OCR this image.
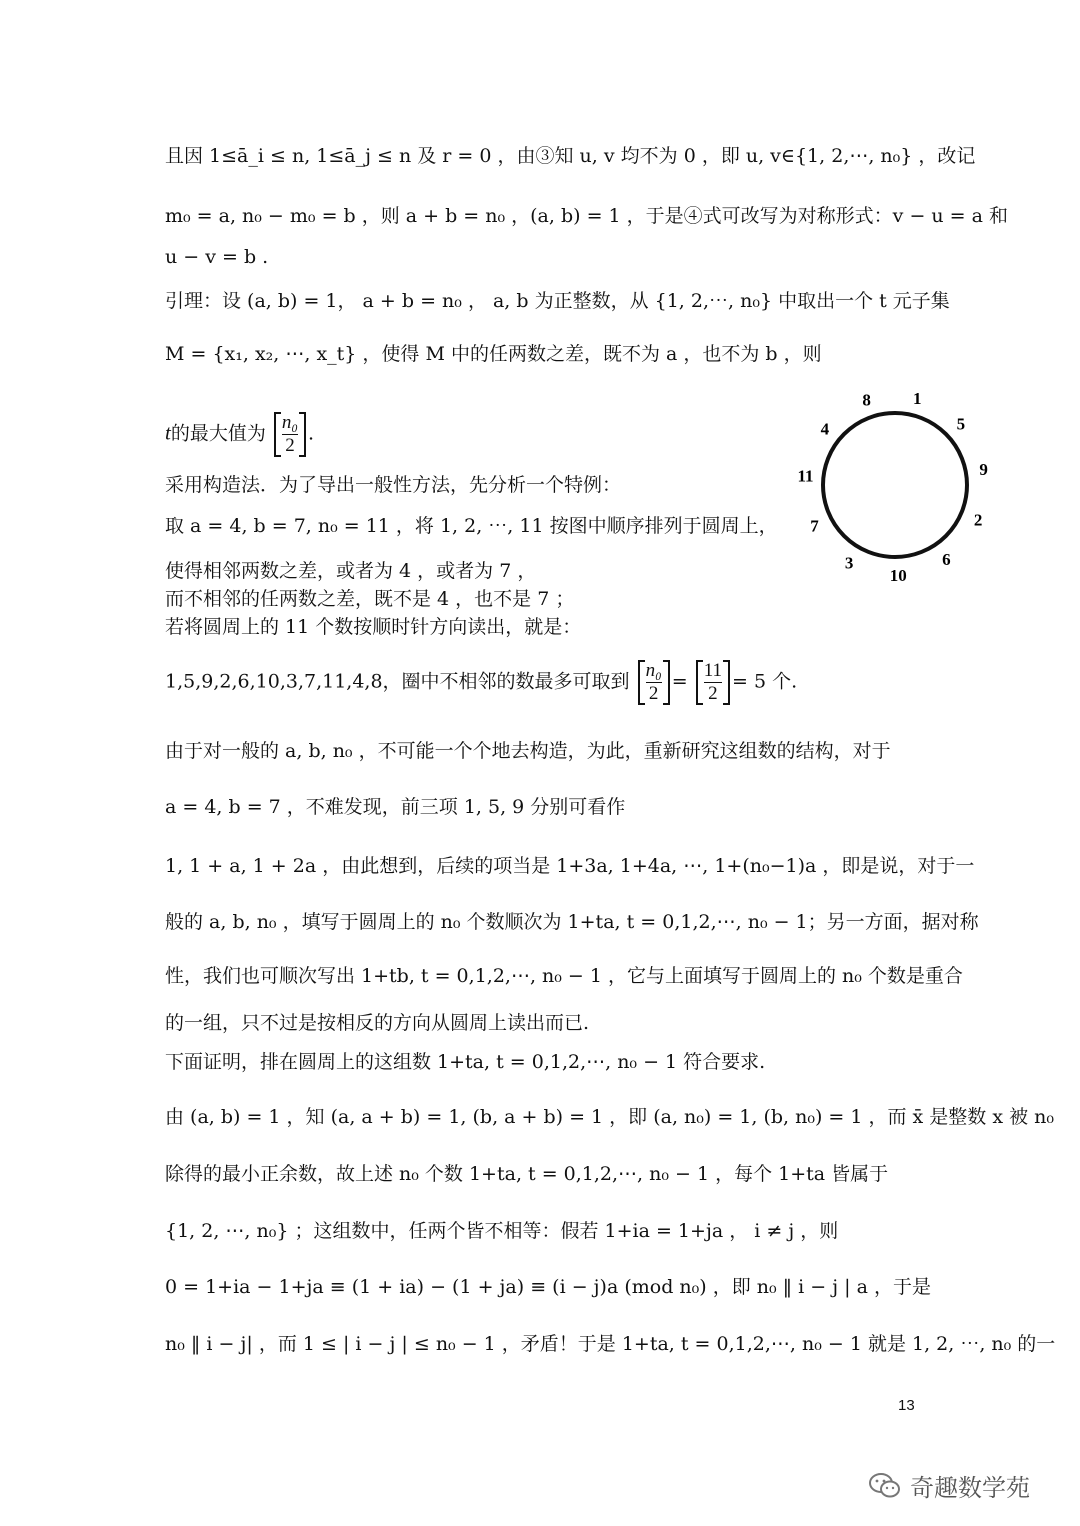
且因 1≤ā_i ≤ n, 1≤ā_j ≤ n 及 r = 0 ，由③知 u, v 均不为 0 ，即 u, v∈{1, 2,⋯, n₀} ，改记
m₀ = a, n₀ − m₀ = b ，则 a + b = n₀ ，(a, b) = 1 ，于是④式可改写为对称形式：v − u = a 和
u − v = b .
引理：设 (a, b) = 1， a + b = n₀ ， a, b 为正整数，从 {1, 2,⋯, n₀} 中取出一个 t 元子集
M = {x₁, x₂, ⋯, x_t} ，使得 M 中的任两数之差，既不为 a ，也不为 b ，则
t的最大值为 $\frac{\text{n₀}}{2}$ .
采用构造法．为了导出一般性方法，先分析一个特例：
取 a = 4, b = 7, n₀ = 11 ，将 1, 2, ⋯, 11 按图中顺序排列于圆周上，
使得相邻两数之差，或者为 4 ，或者为 7 ，
而不相邻的任两数之差，既不是 4 ，也不是 7 ；
若将圆周上的 11 个数按顺时针方向读出，就是：
1,5,9,2,6,10,3,7,11,4,8，圈中不相邻的数最多可取到 $\frac{\text{n₀}}{2} = \frac{11}{2} = 5$ 个.
由于对一般的 a, b, n₀ ，不可能一个个地去构造，为此，重新研究这组数的结构，对于
a = 4, b = 7 ，不难发现，前三项 1, 5, 9 分别可看作
1, 1 + a, 1 + 2a ，由此想到，后续的项当是 1+3a, 1+4a, ⋯, 1+(n₀−1)a ，即是说，对于一
般的 a, b, n₀ ，填写于圆周上的 n₀ 个数顺次为 1+ta, t = 0,1,2,⋯, n₀ − 1；另一方面，据对称
性，我们也可顺次写出 1+tb, t = 0,1,2,⋯, n₀ − 1 ，它与上面填写于圆周上的 n₀ 个数是重合
的一组，只不过是按相反的方向从圆周上读出而已.
下面证明，排在圆周上的这组数 1+ta, t = 0,1,2,⋯, n₀ − 1 符合要求.
由 (a, b) = 1 ，知 (a, a + b) = 1, (b, a + b) = 1 ，即 (a, n₀) = 1, (b, n₀) = 1 ，而 x̄ 是整数 x 被 n₀
除得的最小正余数，故上述 n₀ 个数 1+ta, t = 0,1,2,⋯, n₀ − 1 ，每个 1+ta 皆属于
{1, 2, ⋯, n₀} ；这组数中，任两个皆不相等：假若 1+ia = 1+ja ， i ≠ j ，则
0 = 1+ia − 1+ja ≡ (1 + ia) − (1 + ja) ≡ (i − j)a (mod n₀) ，即 n₀ ‖ i − j | a ，于是
n₀ ‖ i − j| ，而 1 ≤ | i − j | ≤ n₀ − 1 ，矛盾！于是 1+ta, t = 0,1,2,⋯, n₀ − 1 就是 1, 2, ⋯, n₀ 的一
1
5
9
2
6
10
3
7
11
4
8
13
奇趣数学苑
